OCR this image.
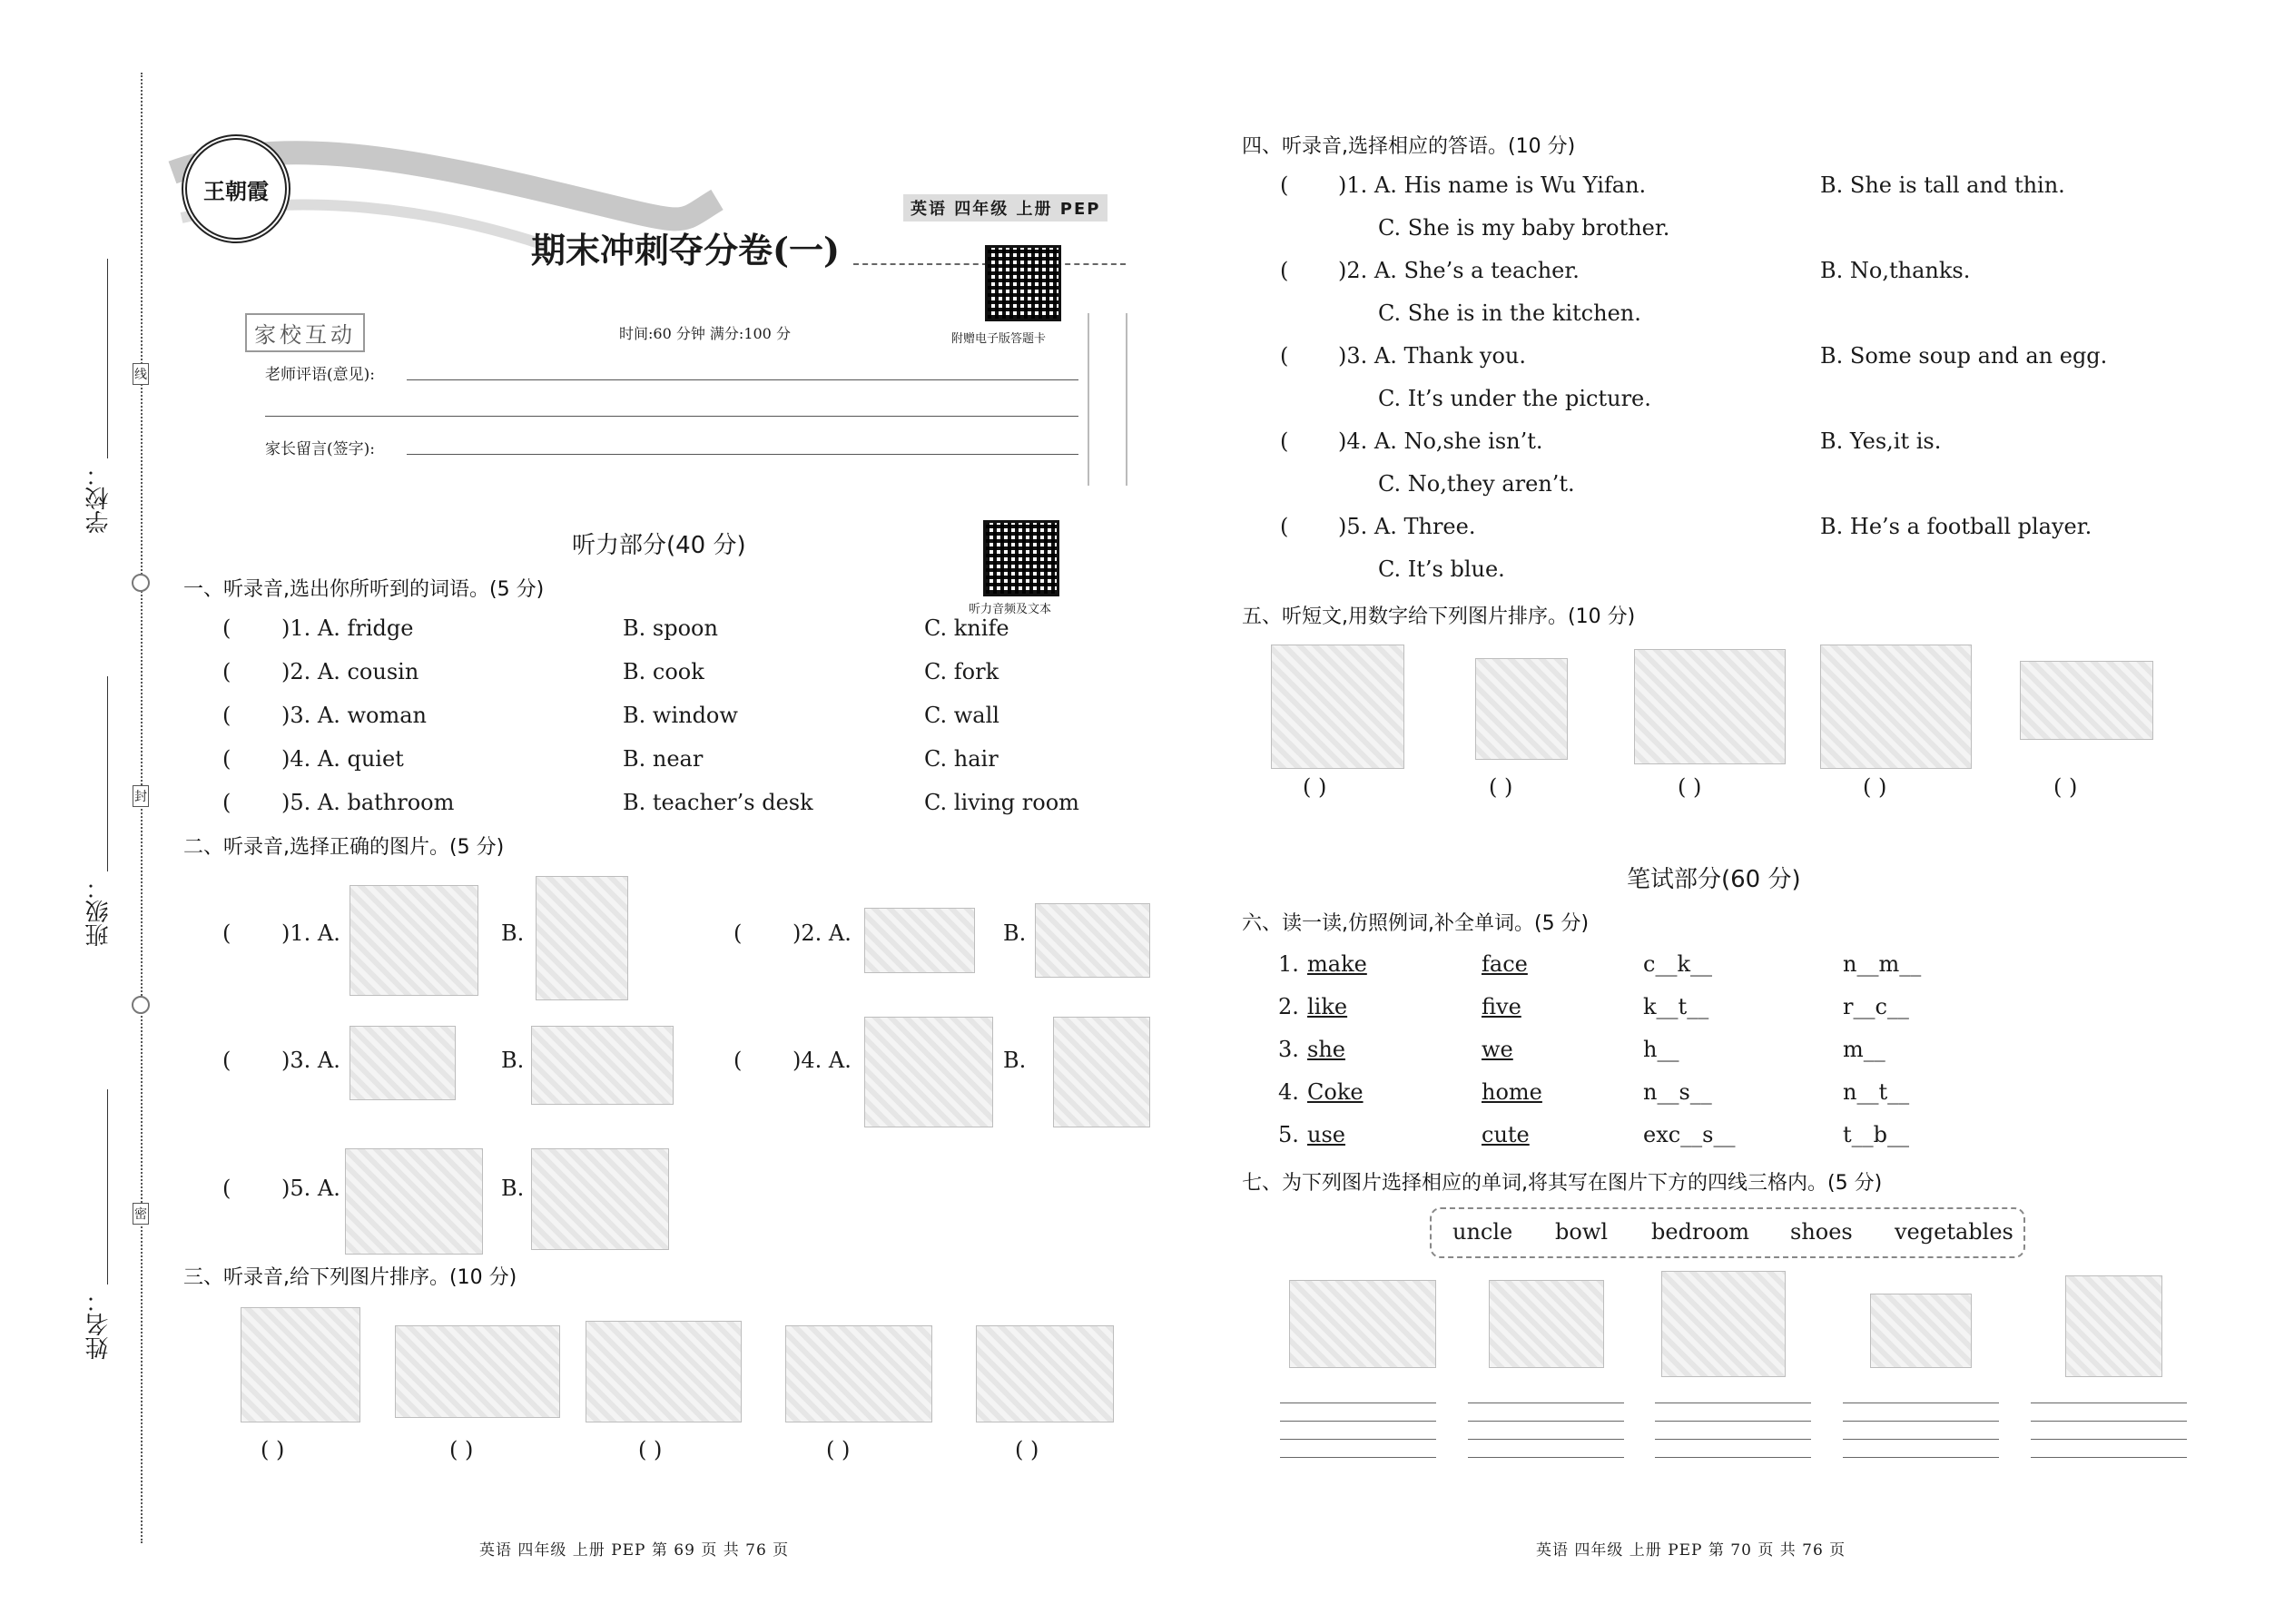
学校：
班级：
姓名：
线
封
密
王朝霞
英语 四年级 上册 PEP
期末冲刺夺分卷(一)
家校互动	时间:60 分钟 满分:100 分	附赠电子版答题卡
老师评语(意见):
家长留言(签字):
听力部分(40 分)
听力音频及文本
一、听录音,选出你所听到的词语。(5 分)
( )1. A. fridge	B. spoon	C. knife
( )2. A. cousin	B. cook	C. fork
( )3. A. woman	B. window	C. wall
( )4. A. quiet	B. near	C. hair
( )5. A. bathroom	B. teacher’s desk	C. living room
二、听录音,选择正确的图片。(5 分)
( )1. A.	B.	( )2. A.	B.
( )3. A.	B.	( )4. A.	B.
( )5. A.	B.
三、听录音,给下列图片排序。(10 分)
( )	( )	( )	( )	( )
英语 四年级 上册 PEP 第 69 页 共 76 页
四、听录音,选择相应的答语。(10 分)
( )1. A. His name is Wu Yifan.	B. She is tall and thin.
C. She is my baby brother.
( )2. A. She’s a teacher.	B. No,thanks.
C. She is in the kitchen.
( )3. A. Thank you.	B. Some soup and an egg.
C. It’s under the picture.
( )4. A. No,she isn’t.	B. Yes,it is.
C. No,they aren’t.
( )5. A. Three.	B. He’s a football player.
C. It’s blue.
五、听短文,用数字给下列图片排序。(10 分)
( )	( )	( )	( )	( )
笔试部分(60 分)
六、读一读,仿照例词,补全单词。(5 分)
1. make	face	c__k__	n__m__
2. like	five	k__t__	r__c__
3. she	we	h__	m__
4. Coke	home	n__s__	n__t__
5. use	cute	exc__s__	t__b__
七、为下列图片选择相应的单词,将其写在图片下方的四线三格内。(5 分)
uncle bowl bedroom shoes vegetables
英语 四年级 上册 PEP 第 70 页 共 76 页
